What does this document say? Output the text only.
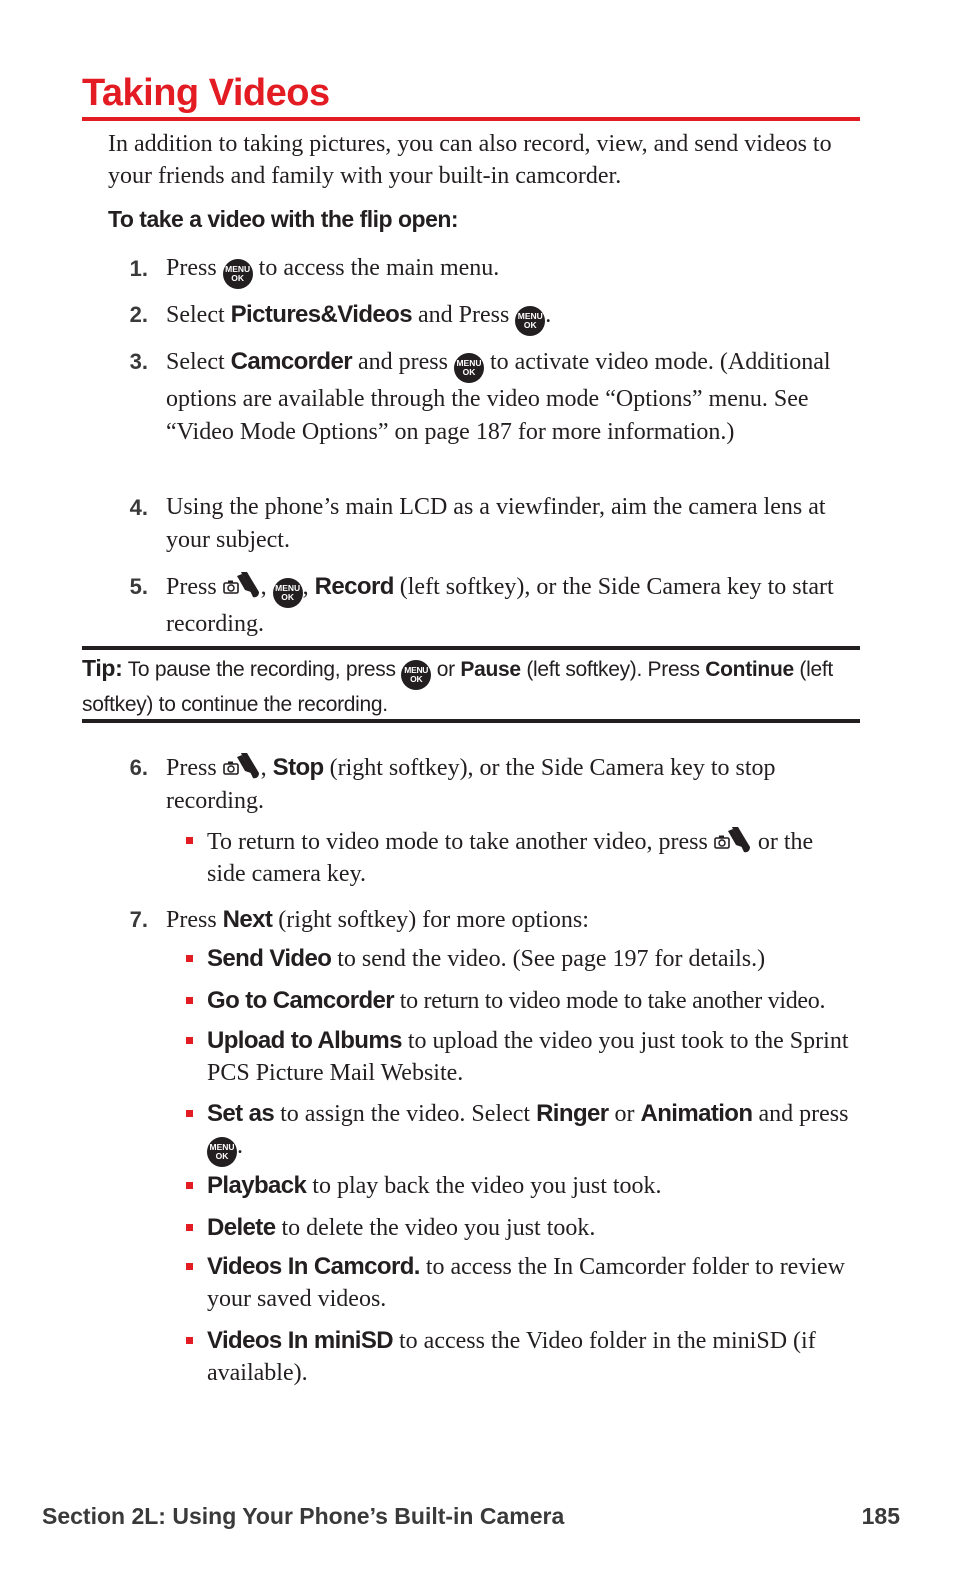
Taking Videos

In addition to taking pictures, you can also record, view, and send videos to your friends and family with your built-in camcorder.

To take a video with the flip open:

1. Press MENU
OK to access the main menu.
2. Select Pictures&Videos and Press MENU
OK .
3. Select Camcorder and press MENU
OK to activate video mode. (Additional options are available through the video mode “Options” menu. See “Video Mode Options” on page 187 for more information.)
4. Using the phone’s main LCD as a viewfinder, aim the camera lens at your subject.
5. Press , MENU
OK , Record (left softkey), or the Side Camera key to start recording.
Tip: To pause the recording, press MENU
OK or Pause (left softkey). Press Continue (left softkey) to continue the recording.
6. Press , Stop (right softkey), or the Side Camera key to stop recording.
To return to video mode to take another video, press or the side camera key.
7. Press Next (right softkey) for more options:
Send Video to send the video. (See page 197 for details.)
Go to Camcorder to return to video mode to take another video.
Upload to Albums to upload the video you just took to the Sprint PCS Picture Mail Website.
Set as to assign the video. Select Ringer or Animation and press MENU
OK .
Playback to play back the video you just took.
Delete to delete the video you just took.
Videos In Camcord. to access the In Camcorder folder to review your saved videos.
Videos In miniSD to access the Video folder in the miniSD (if available).
Section 2L: Using Your Phone’s Built-in Camera	185
